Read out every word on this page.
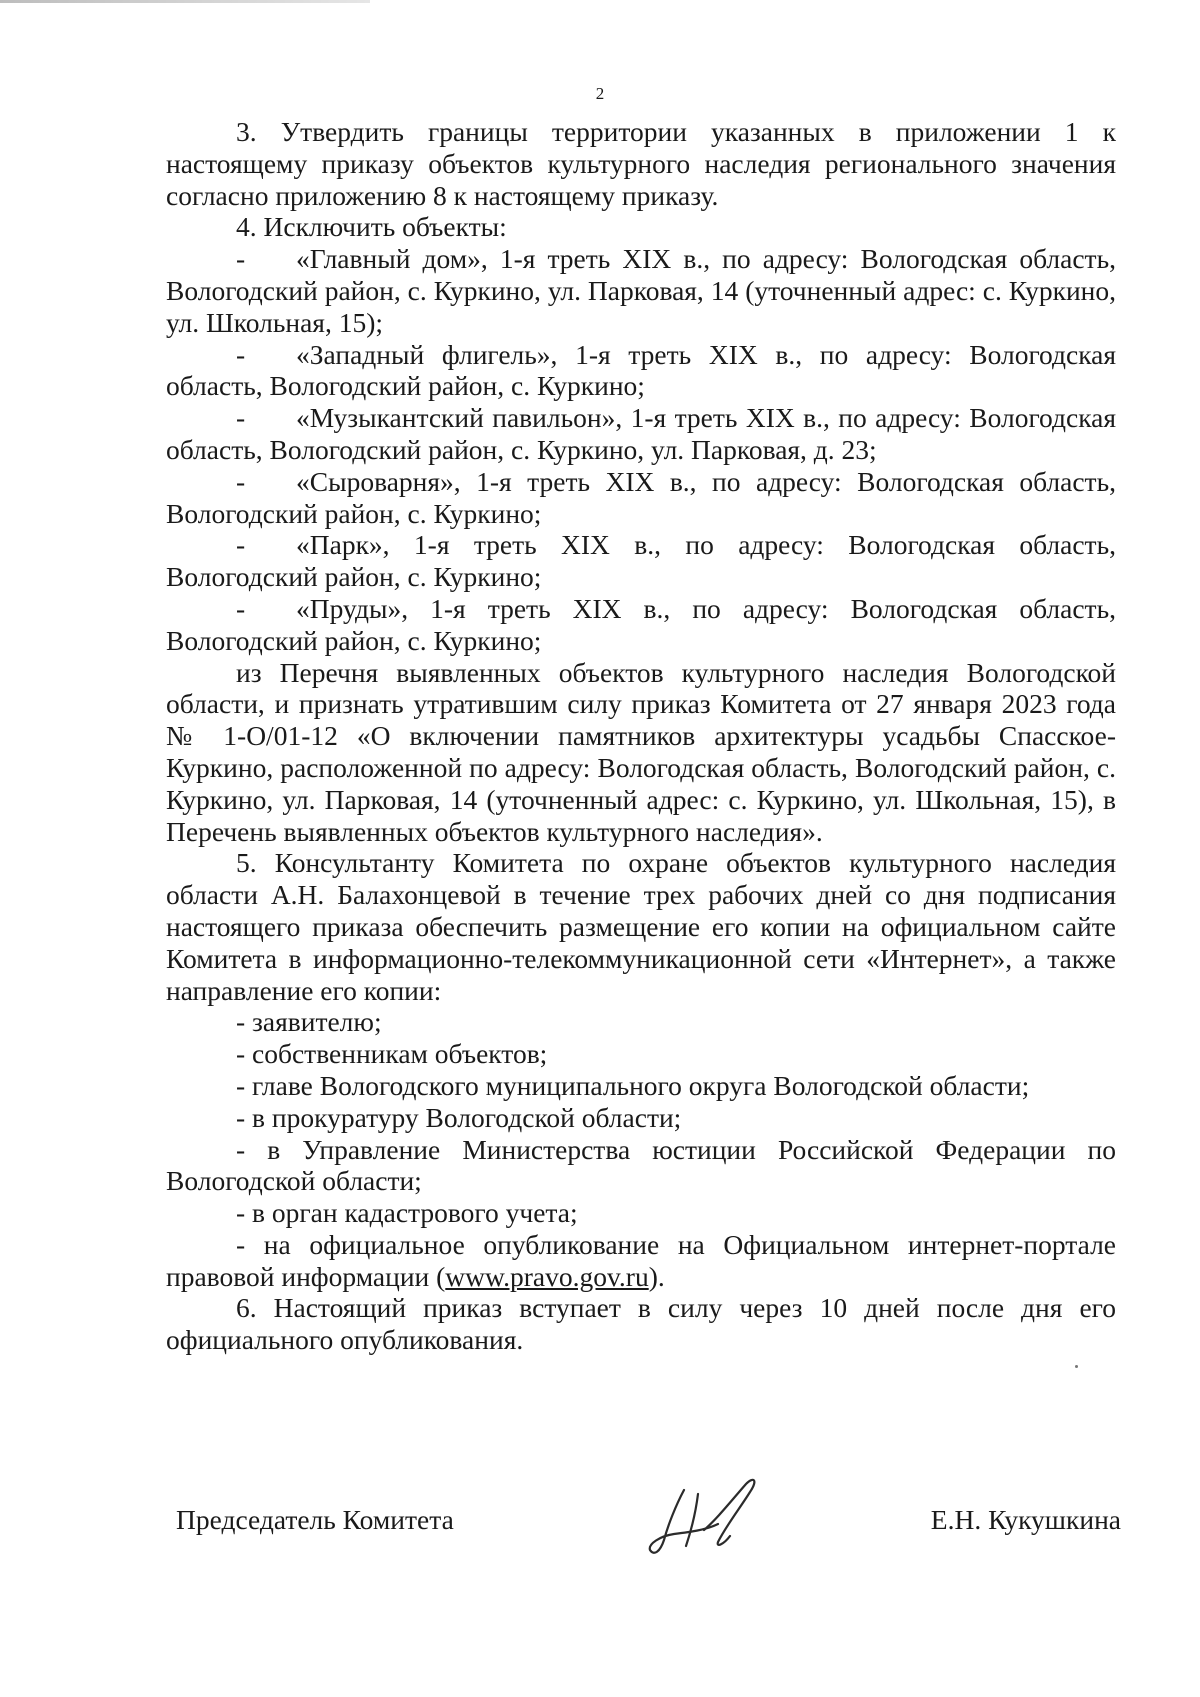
2
3. Утвердить границы территории указанных в приложении 1 к настоящему приказу объектов культурного наследия регионального значения согласно приложению 8 к настоящему приказу.
4. Исключить объекты:
- «Главный дом», 1-я треть XIX в., по адресу: Вологодская область, Вологодский район, с. Куркино, ул. Парковая, 14 (уточненный адрес: с. Куркино, ул. Школьная, 15);
- «Западный флигель», 1-я треть XIX в., по адресу: Вологодская область, Вологодский район, с. Куркино;
- «Музыкантский павильон», 1-я треть XIX в., по адресу: Вологодская область, Вологодский район, с. Куркино, ул. Парковая, д. 23;
- «Сыроварня», 1-я треть XIX в., по адресу: Вологодская область, Вологодский район, с. Куркино;
- «Парк», 1-я треть XIX в., по адресу: Вологодская область, Вологодский район, с. Куркино;
- «Пруды», 1-я треть XIX в., по адресу: Вологодская область, Вологодский район, с. Куркино;
из Перечня выявленных объектов культурного наследия Вологодской области, и признать утратившим силу приказ Комитета от 27 января 2023 года № 1-О/01-12 «О включении памятников архитектуры усадьбы Спасское-Куркино, расположенной по адресу: Вологодская область, Вологодский район, с. Куркино, ул. Парковая, 14 (уточненный адрес: с. Куркино, ул. Школьная, 15), в Перечень выявленных объектов культурного наследия».
5. Консультанту Комитета по охране объектов культурного наследия области А.Н. Балахонцевой в течение трех рабочих дней со дня подписания настоящего приказа обеспечить размещение его копии на официальном сайте Комитета в информационно-телекоммуникационной сети «Интернет», а также направление его копии:
- заявителю;
- собственникам объектов;
- главе Вологодского муниципального округа Вологодской области;
- в прокуратуру Вологодской области;
- в Управление Министерства юстиции Российской Федерации по Вологодской области;
- в орган кадастрового учета;
- на официальное опубликование на Официальном интернет-портале правовой информации (www.pravo.gov.ru).
6. Настоящий приказ вступает в силу через 10 дней после дня его официального опубликования.
Председатель Комитета	Е.Н. Кукушкина
